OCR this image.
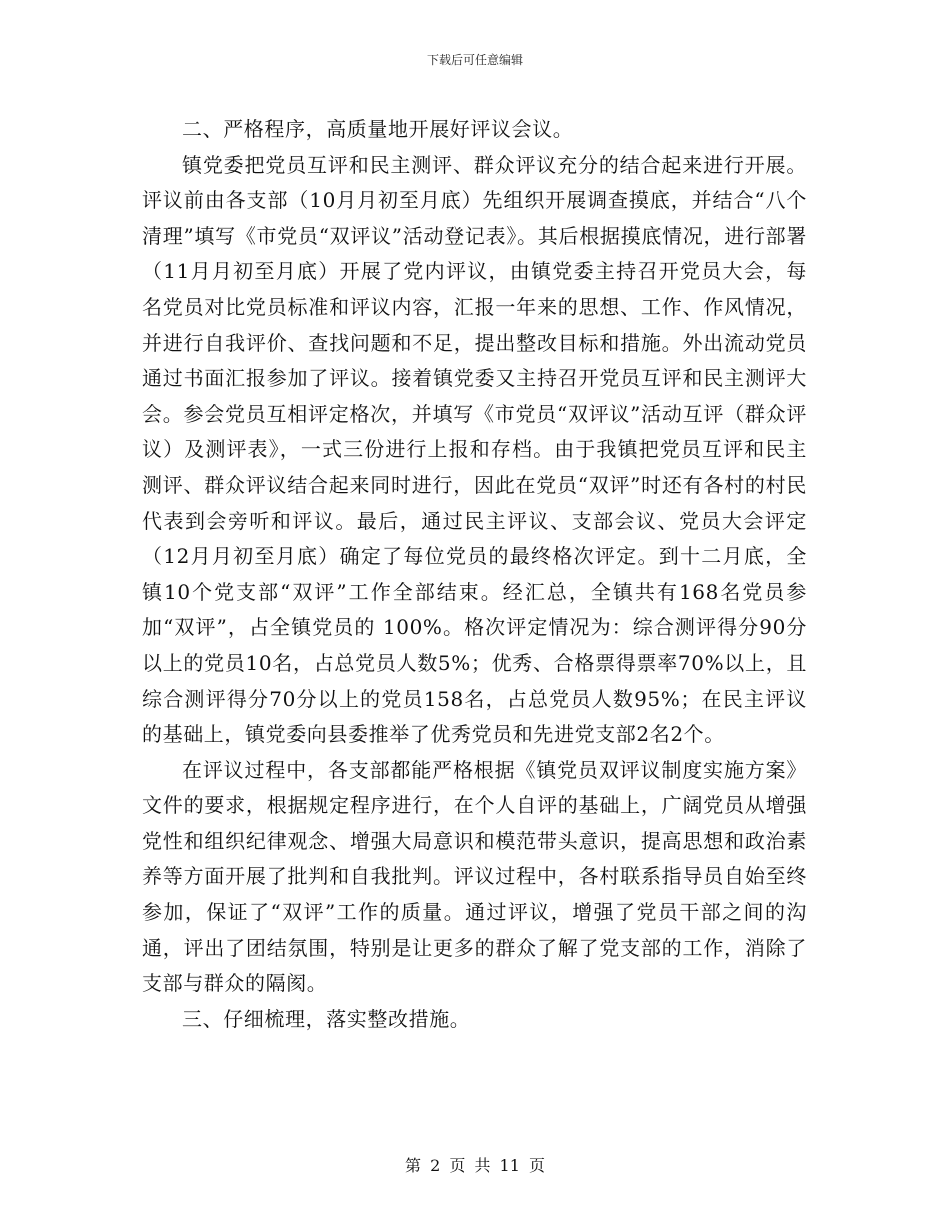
下载后可任意编辑

二、严格程序，高质量地开展好评议会议。

镇党委把党员互评和民主测评、群众评议充分的结合起来进行开展。评议前由各支部（10月月初至月底）先组织开展调查摸底，并结合“八个清理”填写《市党员“双评议”活动登记表》。其后根据摸底情况，进行部署（11月月初至月底）开展了党内评议，由镇党委主持召开党员大会，每名党员对比党员标准和评议内容，汇报一年来的思想、工作、作风情况，并进行自我评价、查找问题和不足，提出整改目标和措施。外出流动党员通过书面汇报参加了评议。接着镇党委又主持召开党员互评和民主测评大会。参会党员互相评定格次，并填写《市党员“双评议”活动互评（群众评议）及测评表》，一式三份进行上报和存档。由于我镇把党员互评和民主测评、群众评议结合起来同时进行，因此在党员“双评”时还有各村的村民代表到会旁听和评议。最后，通过民主评议、支部会议、党员大会评定（12月月初至月底）确定了每位党员的最终格次评定。到十二月底，全镇10个党支部“双评”工作全部结束。经汇总，全镇共有168名党员参加“双评”，占全镇党员的 100%。格次评定情况为：综合测评得分90分以上的党员10名，占总党员人数5%；优秀、合格票得票率70%以上，且综合测评得分70分以上的党员158名，占总党员人数95%；在民主评议的基础上，镇党委向县委推举了优秀党员和先进党支部2名2个。

在评议过程中，各支部都能严格根据《镇党员双评议制度实施方案》文件的要求，根据规定程序进行，在个人自评的基础上，广阔党员从增强党性和组织纪律观念、增强大局意识和模范带头意识，提高思想和政治素养等方面开展了批判和自我批判。评议过程中，各村联系指导员自始至终参加，保证了“双评”工作的质量。通过评议，增强了党员干部之间的沟通，评出了团结氛围，特别是让更多的群众了解了党支部的工作，消除了支部与群众的隔阂。

三、仔细梳理，落实整改措施。

第 2 页 共 11 页
